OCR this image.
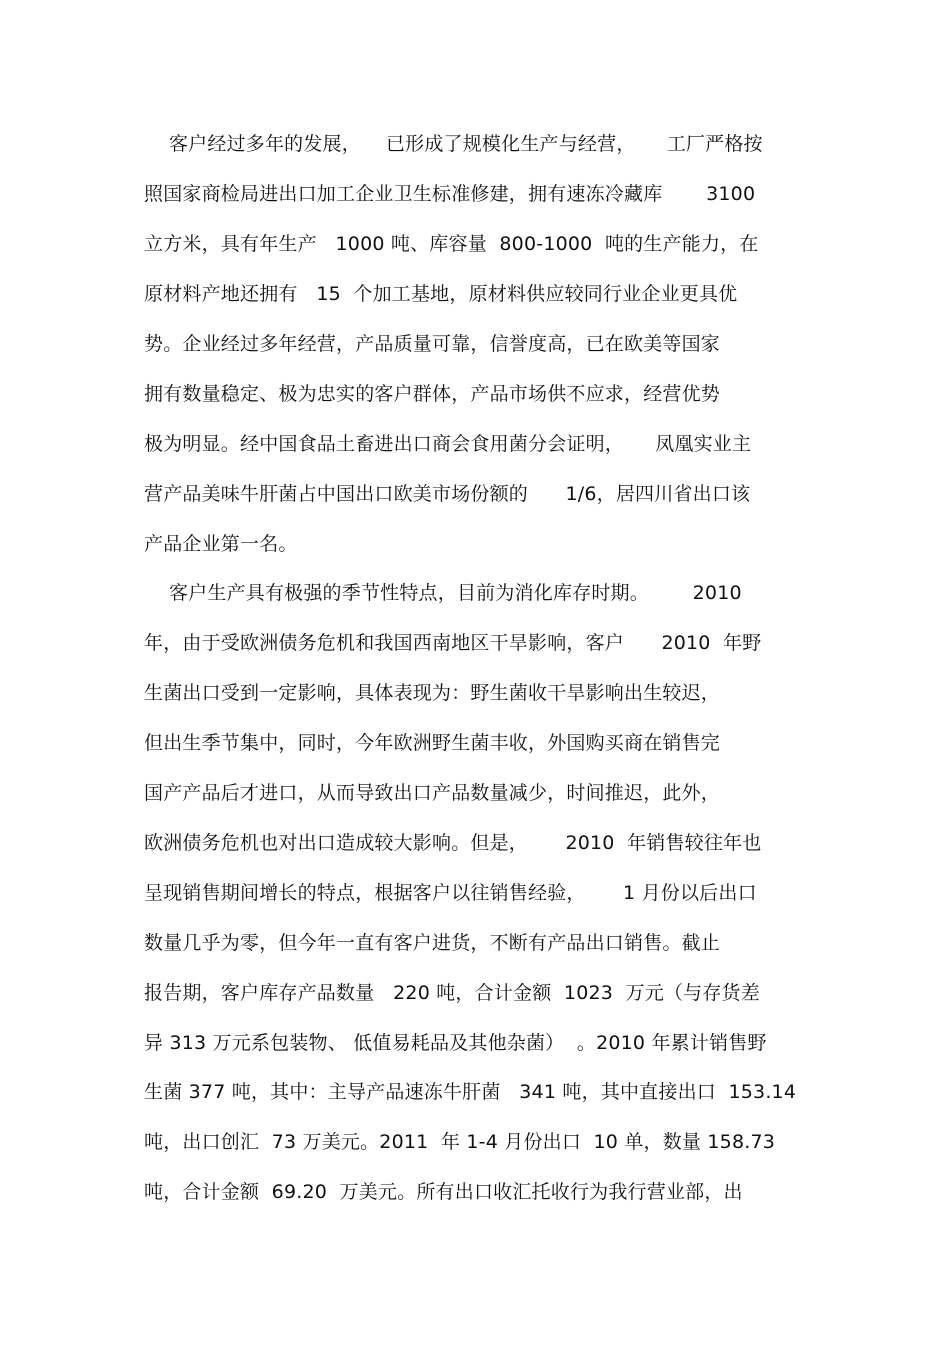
客户经过多年的发展，    已形成了规模化生产与经营，     工厂严格按
照国家商检局进出口加工企业卫生标准修建，拥有速冻冷藏库       3100
立方米，具有年生产   1000 吨、库容量  800-1000  吨的生产能力，在
原材料产地还拥有   15  个加工基地，原材料供应较同行业企业更具优
势。企业经过多年经营，产品质量可靠，信誉度高，已在欧美等国家
拥有数量稳定、极为忠实的客户群体，产品市场供不应求，经营优势
极为明显。经中国食品土畜进出口商会食用菌分会证明，     凤凰实业主
营产品美味牛肝菌占中国出口欧美市场份额的      1/6，居四川省出口该
产品企业第一名。
客户生产具有极强的季节性特点，目前为消化库存时期。       2010
年，由于受欧洲债务危机和我国西南地区干旱影响，客户      2010  年野
生菌出口受到一定影响，具体表现为：野生菌收干旱影响出生较迟，
但出生季节集中，同时，今年欧洲野生菌丰收，外国购买商在销售完
国产产品后才进口，从而导致出口产品数量减少，时间推迟，此外，
欧洲债务危机也对出口造成较大影响。但是，      2010  年销售较往年也
呈现销售期间增长的特点，根据客户以往销售经验，      1 月份以后出口
数量几乎为零，但今年一直有客户进货，不断有产品出口销售。截止
报告期，客户库存产品数量   220 吨，合计金额  1023  万元（与存货差
异 313 万元系包装物、 低值易耗品及其他杂菌）  。2010 年累计销售野
生菌 377 吨，其中：主导产品速冻牛肝菌   341 吨，其中直接出口  153.14
吨，出口创汇  73 万美元。2011  年 1-4 月份出口  10 单，数量 158.73
吨，合计金额  69.20  万美元。所有出口收汇托收行为我行营业部，出
